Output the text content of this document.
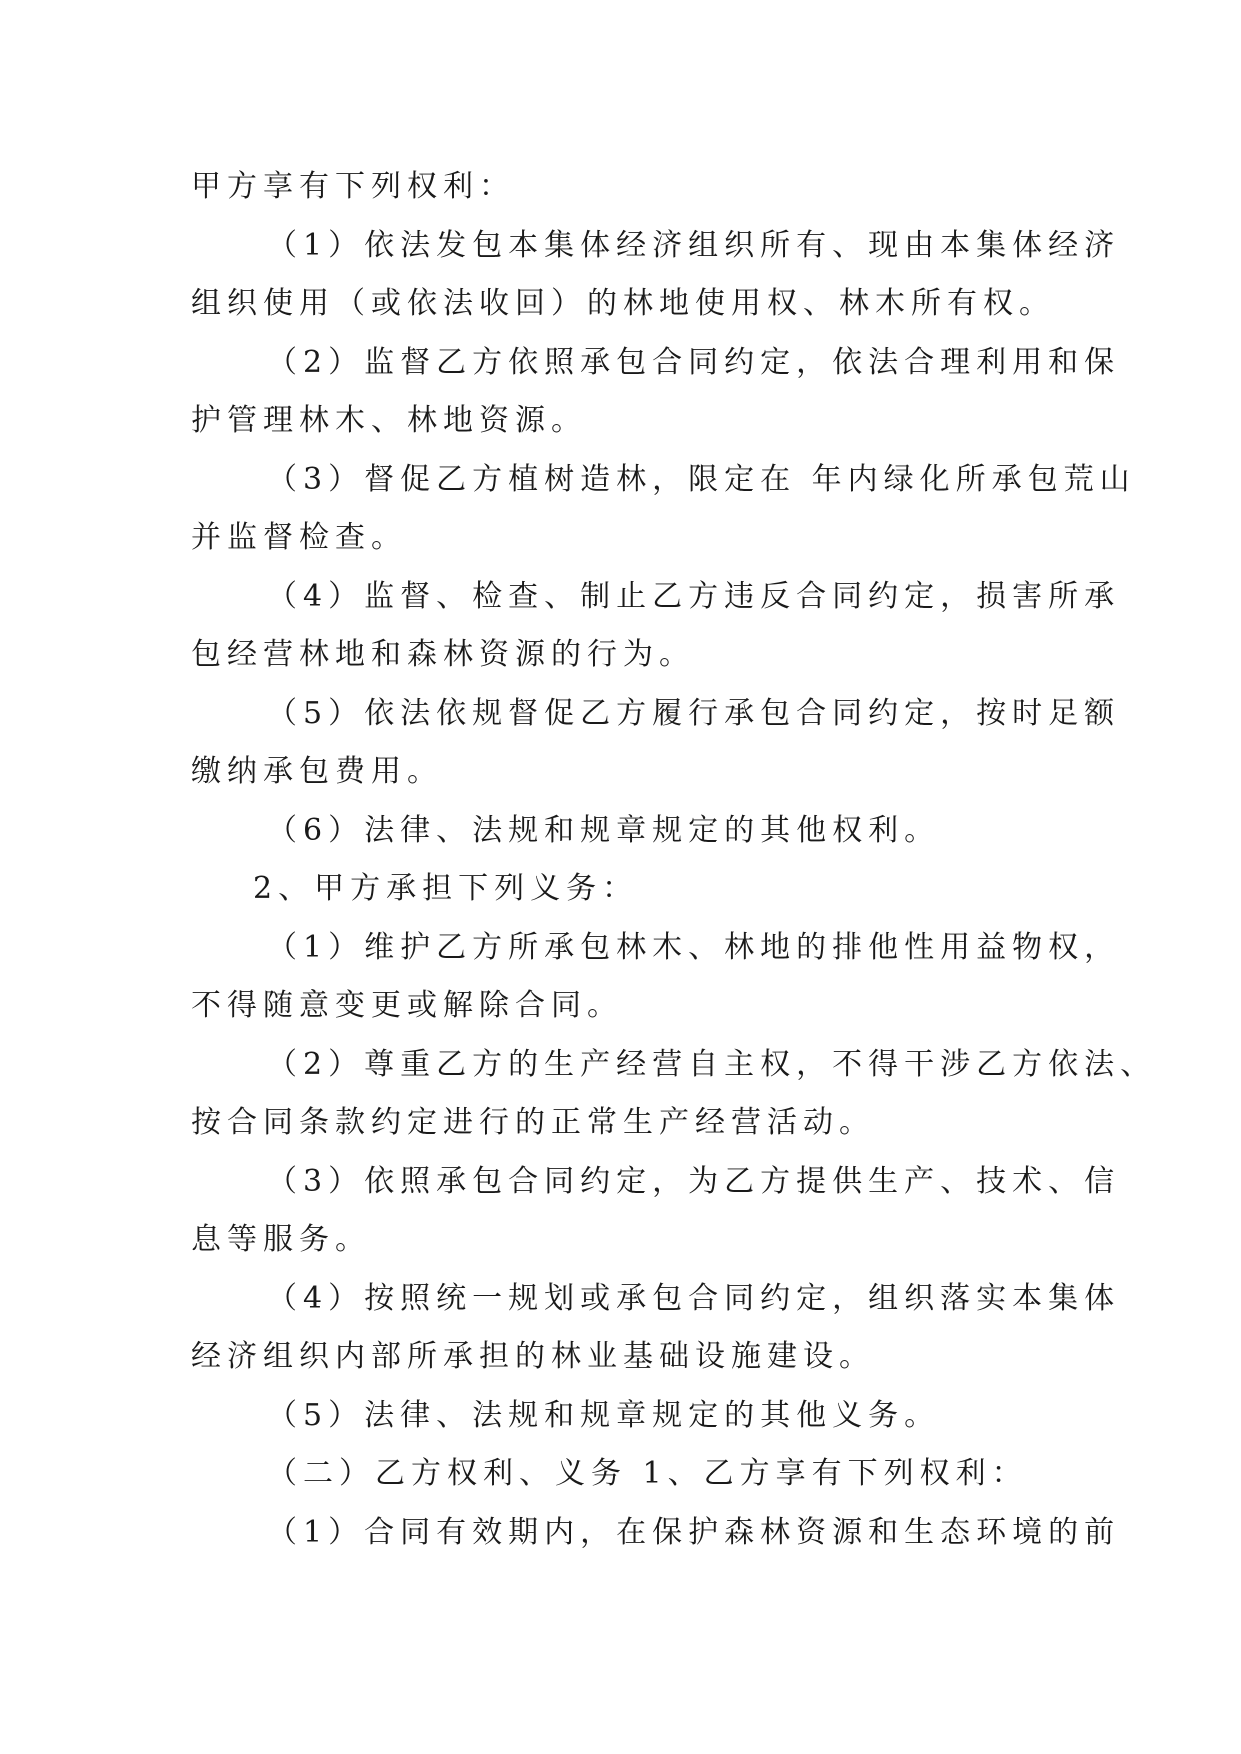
甲方享有下列权利：
（1）依法发包本集体经济组织所有、现由本集体经济
组织使用（或依法收回）的林地使用权、林木所有权。
（2）监督乙方依照承包合同约定，依法合理利用和保
护管理林木、林地资源。
（3）督促乙方植树造林，限定在 年内绿化所承包荒山
并监督检查。
（4）监督、检查、制止乙方违反合同约定，损害所承
包经营林地和森林资源的行为。
（5）依法依规督促乙方履行承包合同约定，按时足额
缴纳承包费用。
（6）法律、法规和规章规定的其他权利。
2、甲方承担下列义务：
（1）维护乙方所承包林木、林地的排他性用益物权，
不得随意变更或解除合同。
（2）尊重乙方的生产经营自主权，不得干涉乙方依法、
按合同条款约定进行的正常生产经营活动。
（3）依照承包合同约定，为乙方提供生产、技术、信
息等服务。
（4）按照统一规划或承包合同约定，组织落实本集体
经济组织内部所承担的林业基础设施建设。
（5）法律、法规和规章规定的其他义务。
（二）乙方权利、义务 1、乙方享有下列权利：
（1）合同有效期内，在保护森林资源和生态环境的前
